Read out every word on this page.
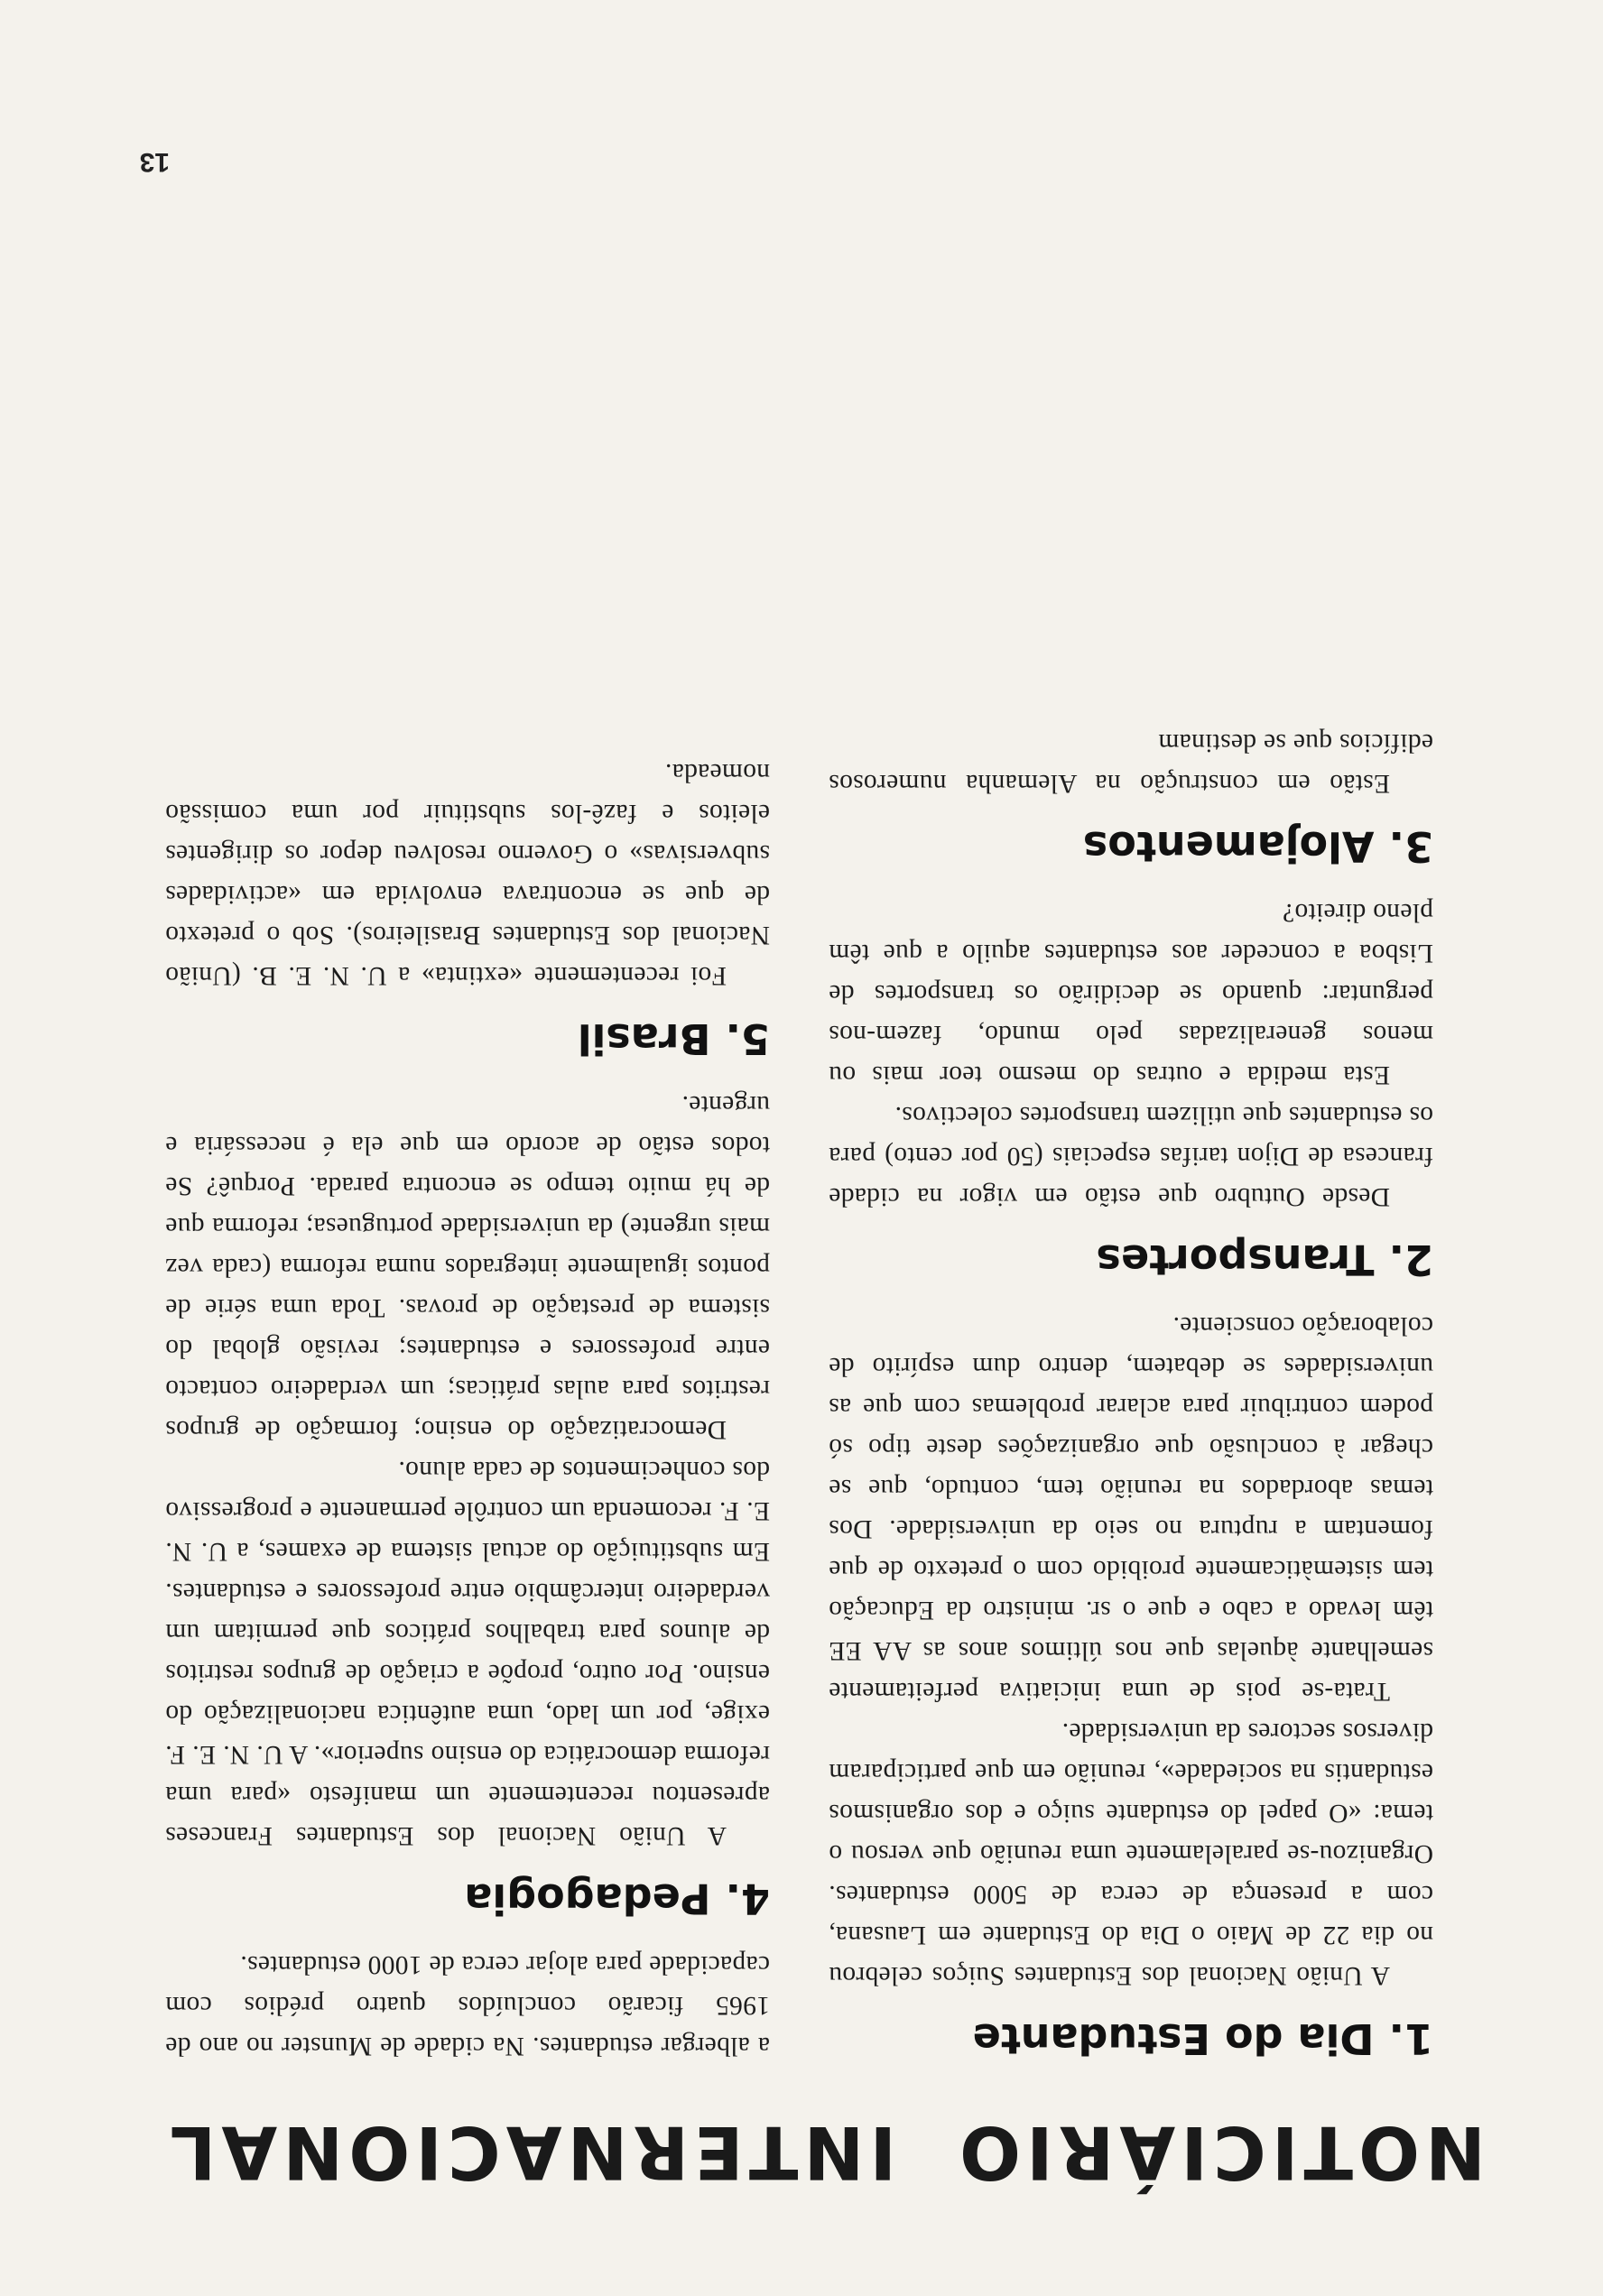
NOTICIÁRIO INTERNACIONAL
1. Dia do Estudante

A União Nacional dos Estudantes Suiços celebrou no dia 22 de Maio o Dia do Estudante em Lausana, com a presença de cerca de 5000 estudantes. Organizou-se paralelamente uma reunião que versou o tema: «O papel do estudante suiço e dos organismos estudantis na sociedade», reunião em que participaram diversos sectores da universidade.

Trata-se pois de uma iniciativa perfeitamente semelhante àquelas que nos últimos anos as AA EE têm levado a cabo e que o sr. ministro da Educação tem sistemàticamente proibido com o pretexto de que fomentam a ruptura no seio da universidade. Dos temas abordados na reunião tem, contudo, que se chegar à conclusão que organizações deste tipo só podem contribuir para aclarar problemas com que as universidades se debatem, dentro dum espírito de colaboração consciente.

2. Transportes

Desde Outubro que estão em vigor na cidade francesa de Dijon tarifas especiais (50 por cento) para os estudantes que utilizem transportes colectivos.

Esta medida e outras do mesmo teor mais ou menos generalizadas pelo mundo, fazem-nos perguntar: quando se decidirão os transportes de Lisboa a conceder aos estudantes aquilo a que têm pleno direito?

3. Alojamentos

Estão em construção na Alemanha numerosos edifícios que se destinam

a albergar estudantes. Na cidade de Munster no ano de 1965 ficarão concluídos quatro prédios com capacidade para alojar cerca de 1000 estudantes.

4. Pedagogia

A União Nacional dos Estudantes Franceses apresentou recentemente um manifesto «para uma reforma democrática do ensino superior». A U. N. E. F. exige, por um lado, uma autêntica nacionalização do ensino. Por outro, propõe a criação de grupos restritos de alunos para trabalhos práticos que permitam um verdadeiro intercâmbio entre professores e estudantes. Em substituição do actual sistema de exames, a U. N. E. F. recomenda um contrôle permanente e progressivo dos conhecimentos de cada aluno.

Democratização do ensino; formação de grupos restritos para aulas práticas; um verdadeiro contacto entre professores e estudantes; revisão global do sistema de prestação de provas. Toda uma série de pontos igualmente integrados numa reforma (cada vez mais urgente) da universidade portuguesa; reforma que de há muito tempo se encontra parada. Porquê? Se todos estão de acordo em que ela é necessária e urgente.

5. Brasil

Foi recentemente «extinta» a U. N. E. B. (União Nacional dos Estudantes Brasileiros). Sob o pretexto de que se encontrava envolvida em «actividades subversivas» o Governo resolveu depor os dirigentes eleitos e fazê-los substituir por uma comissão nomeada.

13
